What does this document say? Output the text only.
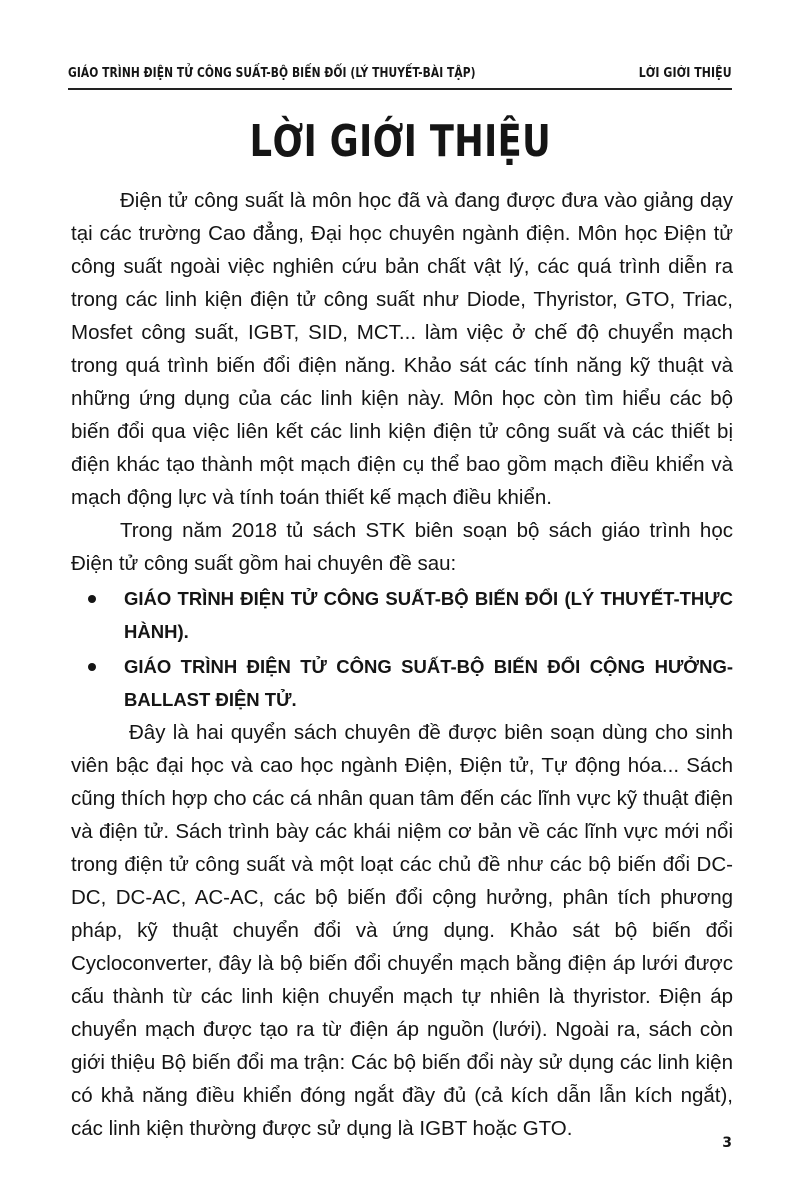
GIÁO TRÌNH ĐIỆN TỬ CÔNG SUẤT-BỘ BIẾN ĐỔI (LÝ THUYẾT-BÀI TẬP)	LỜI GIỚI THIỆU
LỜI GIỚI THIỆU

Điện tử công suất là môn học đã và đang được đưa vào giảng dạy tại các trường Cao đẳng, Đại học chuyên ngành điện. Môn học Điện tử công suất ngoài việc nghiên cứu bản chất vật lý, các quá trình diễn ra trong các linh kiện điện tử công suất như Diode, Thyristor, GTO, Triac, Mosfet công suất, IGBT, SID, MCT... làm việc ở chế độ chuyển mạch trong quá trình biến đổi điện năng. Khảo sát các tính năng kỹ thuật và những ứng dụng của các linh kiện này. Môn học còn tìm hiểu các bộ biến đổi qua việc liên kết các linh kiện điện tử công suất và các thiết bị điện khác tạo thành một mạch điện cụ thể bao gồm mạch điều khiển và mạch động lực và tính toán thiết kế mạch điều khiển.

Trong năm 2018 tủ sách STK biên soạn bộ sách giáo trình học Điện tử công suất gồm hai chuyên đề sau:

GIÁO TRÌNH ĐIỆN TỬ CÔNG SUẤT-BỘ BIẾN ĐỔI (LÝ THUYẾT-THỰC HÀNH).
GIÁO TRÌNH ĐIỆN TỬ CÔNG SUẤT-BỘ BIẾN ĐỔI CỘNG HƯỞNG-BALLAST ĐIỆN TỬ.

Đây là hai quyển sách chuyên đề được biên soạn dùng cho sinh viên bậc đại học và cao học ngành Điện, Điện tử, Tự động hóa... Sách cũng thích hợp cho các cá nhân quan tâm đến các lĩnh vực kỹ thuật điện và điện tử. Sách trình bày các khái niệm cơ bản về các lĩnh vực mới nổi trong điện tử công suất và một loạt các chủ đề như các bộ biến đổi DC-DC, DC-AC, AC-AC, các bộ biến đổi cộng hưởng, phân tích phương pháp, kỹ thuật chuyển đổi và ứng dụng. Khảo sát bộ biến đổi Cycloconverter, đây là bộ biến đổi chuyển mạch bằng điện áp lưới được cấu thành từ các linh kiện chuyển mạch tự nhiên là thyristor. Điện áp chuyển mạch được tạo ra từ điện áp nguồn (lưới). Ngoài ra, sách còn giới thiệu Bộ biến đổi ma trận: Các bộ biến đổi này sử dụng các linh kiện có khả năng điều khiển đóng ngắt đầy đủ (cả kích dẫn lẫn kích ngắt), các linh kiện thường được sử dụng là IGBT hoặc GTO.

3
